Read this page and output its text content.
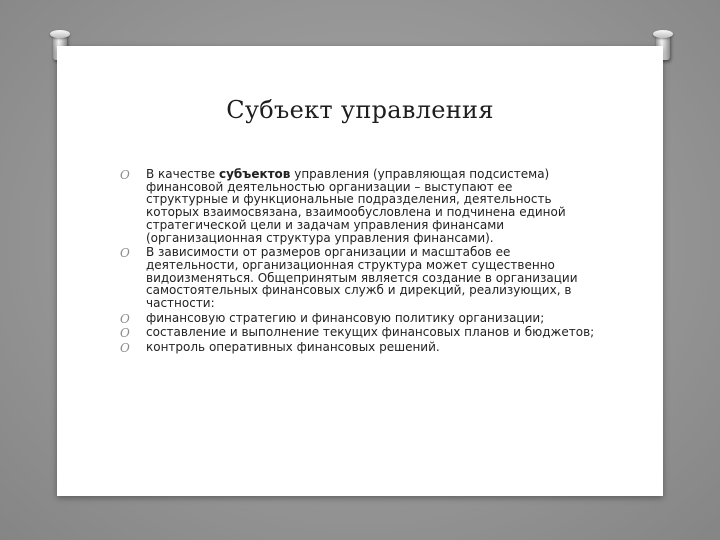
Субъект управления
O В качестве субъектов управления (управляющая подсистема) финансовой деятельностью организации – выступают ее структурные и функциональные подразделения, деятельность которых взаимосвязана, взаимообусловлена и подчинена единой стратегической цели и задачам управления финансами (организационная структура управления финансами).
O В зависимости от размеров организации и масштабов ее деятельности, организационная структура может существенно видоизменяться. Общепринятым является создание в организации самостоятельных финансовых служб и дирекций, реализующих, в частности:
O финансовую стратегию и финансовую политику организации;
O составление и выполнение текущих финансовых планов и бюджетов;
O контроль оперативных финансовых решений.
